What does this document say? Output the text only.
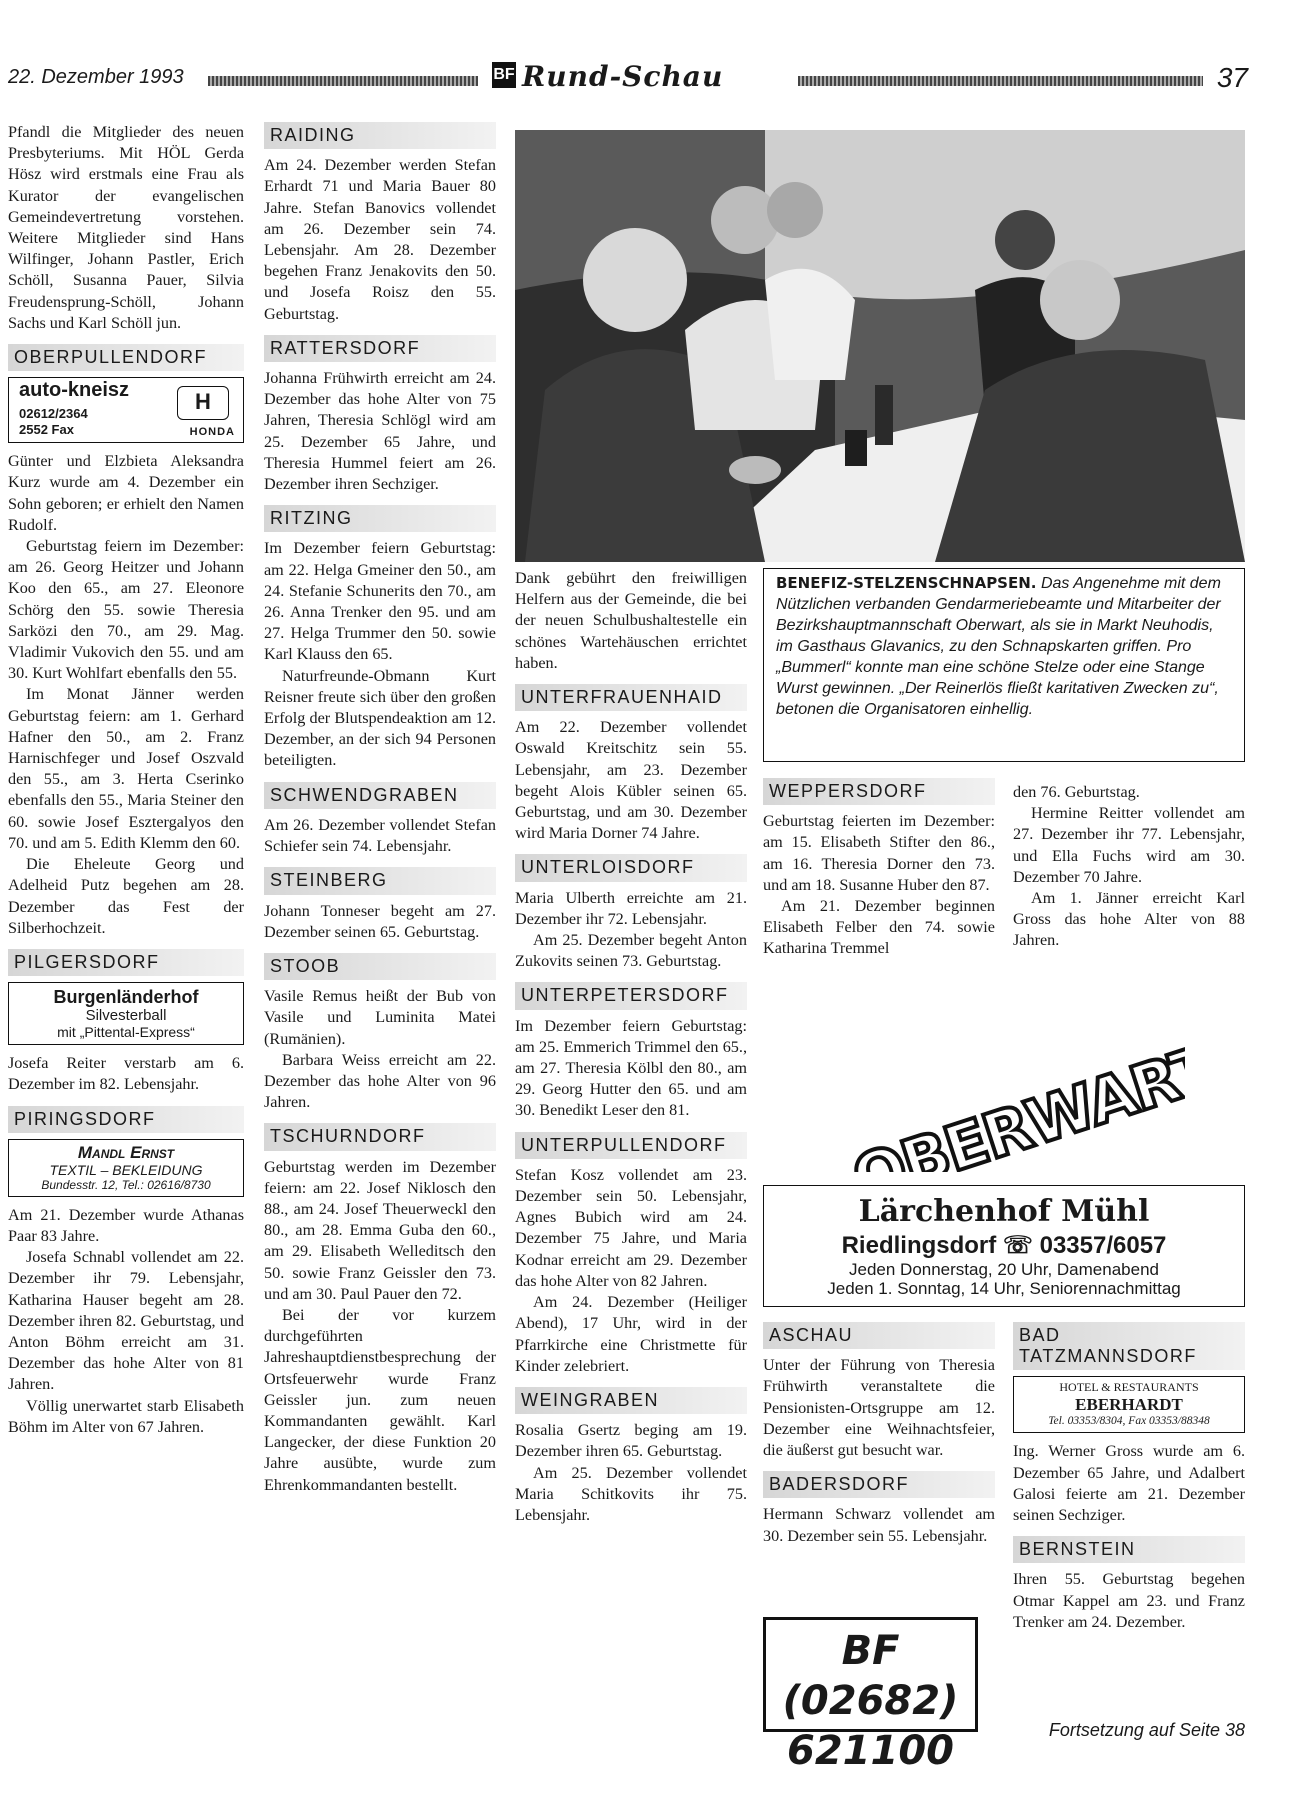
22. Dezember 1993	BF Rund-Schau	37

Pfandl die Mitglieder des neuen Presbyteriums. Mit HÖL Gerda Hösz wird erstmals eine Frau als Kurator der evangelischen Gemeindevertretung vorstehen. Weitere Mitglieder sind Hans Wilfinger, Johann Pastler, Erich Schöll, Susanna Pauer, Silvia Freudensprung-Schöll, Johann Sachs und Karl Schöll jun.

OBERPULLENDORF
auto-kneisz
02612/2364
2552 Fax
H
HONDA

Günter und Elzbieta Aleksandra Kurz wurde am 4. Dezember ein Sohn geboren; er erhielt den Namen Rudolf.

Geburtstag feiern im Dezember: am 26. Georg Heitzer und Johann Koo den 65., am 27. Eleonore Schörg den 55. sowie Theresia Sarközi den 70., am 29. Mag. Vladimir Vukovich den 55. und am 30. Kurt Wohlfart ebenfalls den 55.

Im Monat Jänner werden Geburtstag feiern: am 1. Gerhard Hafner den 50., am 2. Franz Harnischfeger und Josef Oszvald den 55., am 3. Herta Cserinko ebenfalls den 55., Maria Steiner den 60. sowie Josef Esztergalyos den 70. und am 5. Edith Klemm den 60.

Die Eheleute Georg und Adelheid Putz begehen am 28. Dezember das Fest der Silberhochzeit.

PILGERSDORF
Burgenländerhof
Silvesterball
mit „Pittental-Express“

Josefa Reiter verstarb am 6. Dezember im 82. Lebensjahr.

PIRINGSDORF
Mandl Ernst
TEXTIL – BEKLEIDUNG
Bundesstr. 12, Tel.: 02616/8730

Am 21. Dezember wurde Athanas Paar 83 Jahre.

Josefa Schnabl vollendet am 22. Dezember ihr 79. Lebensjahr, Katharina Hauser begeht am 28. Dezember ihren 82. Geburtstag, und Anton Böhm erreicht am 31. Dezember das hohe Alter von 81 Jahren.

Völlig unerwartet starb Elisabeth Böhm im Alter von 67 Jahren.

RAIDING

Am 24. Dezember werden Stefan Erhardt 71 und Maria Bauer 80 Jahre. Stefan Banovics vollendet am 26. Dezember sein 74. Lebensjahr. Am 28. Dezember begehen Franz Jenakovits den 50. und Josefa Roisz den 55. Geburtstag.

RATTERSDORF

Johanna Frühwirth erreicht am 24. Dezember das hohe Alter von 75 Jahren, Theresia Schlögl wird am 25. Dezember 65 Jahre, und Theresia Hummel feiert am 26. Dezember ihren Sechziger.

RITZING

Im Dezember feiern Geburtstag: am 22. Helga Gmeiner den 50., am 24. Stefanie Schunerits den 70., am 26. Anna Trenker den 95. und am 27. Helga Trummer den 50. sowie Karl Klauss den 65.

Naturfreunde-Obmann Kurt Reisner freute sich über den großen Erfolg der Blutspendeaktion am 12. Dezember, an der sich 94 Personen beteiligten.

SCHWENDGRABEN

Am 26. Dezember vollendet Stefan Schiefer sein 74. Lebensjahr.

STEINBERG

Johann Tonneser begeht am 27. Dezember seinen 65. Geburtstag.

STOOB

Vasile Remus heißt der Bub von Vasile und Luminita Matei (Rumänien).

Barbara Weiss erreicht am 22. Dezember das hohe Alter von 96 Jahren.

TSCHURNDORF

Geburtstag werden im Dezember feiern: am 22. Josef Niklosch den 88., am 24. Josef Theuerweckl den 80., am 28. Emma Guba den 60., am 29. Elisabeth Welleditsch den 50. sowie Franz Geissler den 73. und am 30. Paul Pauer den 72.

Bei der vor kurzem durchgeführten Jahreshauptdienstbesprechung der Ortsfeuerwehr wurde Franz Geissler jun. zum neuen Kommandanten gewählt. Karl Langecker, der diese Funktion 20 Jahre ausübte, wurde zum Ehrenkommandanten bestellt.

BENEFIZ-STELZENSCHNAPSEN. Das Angenehme mit dem Nützlichen verbanden Gendarmeriebeamte und Mitarbeiter der Bezirkshauptmannschaft Oberwart, als sie in Markt Neuhodis, im Gasthaus Glavanics, zu den Schnapskarten griffen. Pro „Bummerl“ konnte man eine schöne Stelze oder eine Stange Wurst gewinnen. „Der Reinerlös fließt karitativen Zwecken zu“, betonen die Organisatoren einhellig.

Dank gebührt den freiwilligen Helfern aus der Gemeinde, die bei der neuen Schulbushaltestelle ein schönes Wartehäuschen errichtet haben.

UNTERFRAUENHAID

Am 22. Dezember vollendet Oswald Kreitschitz sein 55. Lebensjahr, am 23. Dezember begeht Alois Kübler seinen 65. Geburtstag, und am 30. Dezember wird Maria Dorner 74 Jahre.

UNTERLOISDORF

Maria Ulberth erreichte am 21. Dezember ihr 72. Lebensjahr.

Am 25. Dezember begeht Anton Zukovits seinen 73. Geburtstag.

UNTERPETERSDORF

Im Dezember feiern Geburtstag: am 25. Emmerich Trimmel den 65., am 27. Theresia Kölbl den 80., am 29. Georg Hutter den 65. und am 30. Benedikt Leser den 81.

UNTERPULLENDORF

Stefan Kosz vollendet am 23. Dezember sein 50. Lebensjahr, Agnes Bubich wird am 24. Dezember 75 Jahre, und Maria Kodnar erreicht am 29. Dezember das hohe Alter von 82 Jahren.

Am 24. Dezember (Heiliger Abend), 17 Uhr, wird in der Pfarrkirche eine Christmette für Kinder zelebriert.

WEINGRABEN

Rosalia Gsertz beging am 19. Dezember ihren 65. Geburtstag.

Am 25. Dezember vollendet Maria Schitkovits ihr 75. Lebensjahr.

WEPPERSDORF

Geburtstag feierten im Dezember: am 15. Elisabeth Stifter den 86., am 16. Theresia Dorner den 73. und am 18. Susanne Huber den 87.

Am 21. Dezember beginnen Elisabeth Felber den 74. sowie Katharina Tremmel

den 76. Geburtstag.

Hermine Reitter vollendet am 27. Dezember ihr 77. Lebensjahr, und Ella Fuchs wird am 30. Dezember 70 Jahre.

Am 1. Jänner erreicht Karl Gross das hohe Alter von 88 Jahren.

OBERWART
Lärchenhof Mühl
Riedlingsdorf ☏ 03357/6057
Jeden Donnerstag, 20 Uhr, Damenabend
Jeden 1. Sonntag, 14 Uhr, Seniorennachmittag
ASCHAU

Unter der Führung von Theresia Frühwirth veranstaltete die Pensionisten-Ortsgruppe am 12. Dezember eine Weihnachtsfeier, die äußerst gut besucht war.

BADERSDORF

Hermann Schwarz vollendet am 30. Dezember sein 55. Lebensjahr.

BF (02682)
621100
BAD TATZMANNSDORF
HOTEL & RESTAURANTS
EBERHARDT
Tel. 03353/8304, Fax 03353/88348

Ing. Werner Gross wurde am 6. Dezember 65 Jahre, und Adalbert Galosi feierte am 21. Dezember seinen Sechziger.

BERNSTEIN

Ihren 55. Geburtstag begehen Otmar Kappel am 23. und Franz Trenker am 24. Dezember.

Fortsetzung auf Seite 38
